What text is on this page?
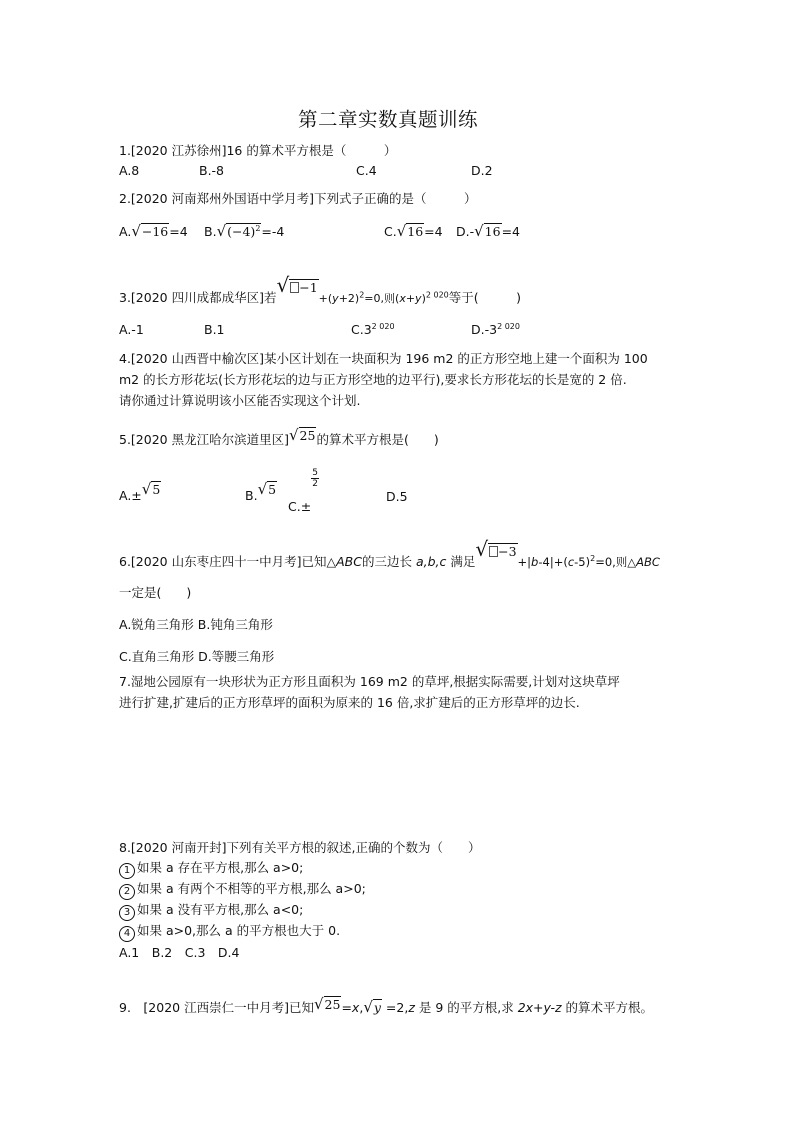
第二章实数真题训练
1.[2020 江苏徐州]16 的算术平方根是（　　　）
A.8	B.-8	C.4	D.2
2.[2020 河南郑州外国语中学月考]下列式子正确的是（　　　）
A.√−16=4 $B.√(-4)^2=-4$	C.√16=4 D.-√16=4
3.[2020 四川成都成华区]若√ $-1+(y+2)^2=0$,则$(x+y)^{2 020}$等于(　　　)
A.-1	B.1	$C.3^{2 020}$	$D.-3^{2 020}$
4.[2020 山西晋中榆次区]某小区计划在一块面积为 196 m2 的正方形空地上建一个面积为 100
m2 的长方形花坛(长方形花坛的边与正方形空地的边平行),要求长方形花坛的长是宽的 2 倍.
请你通过计算说明该小区能否实现这个计划.
5.[2020 黑龙江哈尔滨道里区]√25的算术平方根是(　　)
A.±√5	B.√5
C.±
$\frac{5}{2}$
D.5
6.[2020 山东枣庄四十一中月考]已知△ABC的三边长 a,b,c 满足√ $-3+|b-4|+(c-5)^2=0$,则△ABC
一定是(　　)
A.锐角三角形 B.钝角三角形
C.直角三角形 D.等腰三角形
7.湿地公园原有一块形状为正方形且面积为 169 m2 的草坪,根据实际需要,计划对这块草坪
进行扩建,扩建后的正方形草坪的面积为原来的 16 倍,求扩建后的正方形草坪的边长.
8.[2020 河南开封]下列有关平方根的叙述,正确的个数为（　　）
1 如果 a 存在平方根,那么 a>0;
2 如果 a 有两个不相等的平方根,那么 a>0;
3 如果 a 没有平方根,那么 a<0;
4 如果 a>0,那么 a 的平方根也大于 0.
A.1　B.2　C.3　D.4
9.　[2020 江西崇仁一中月考]已知√25=x,√y =2,z 是 9 的平方根,求 2x+y-z 的算术平方根。
